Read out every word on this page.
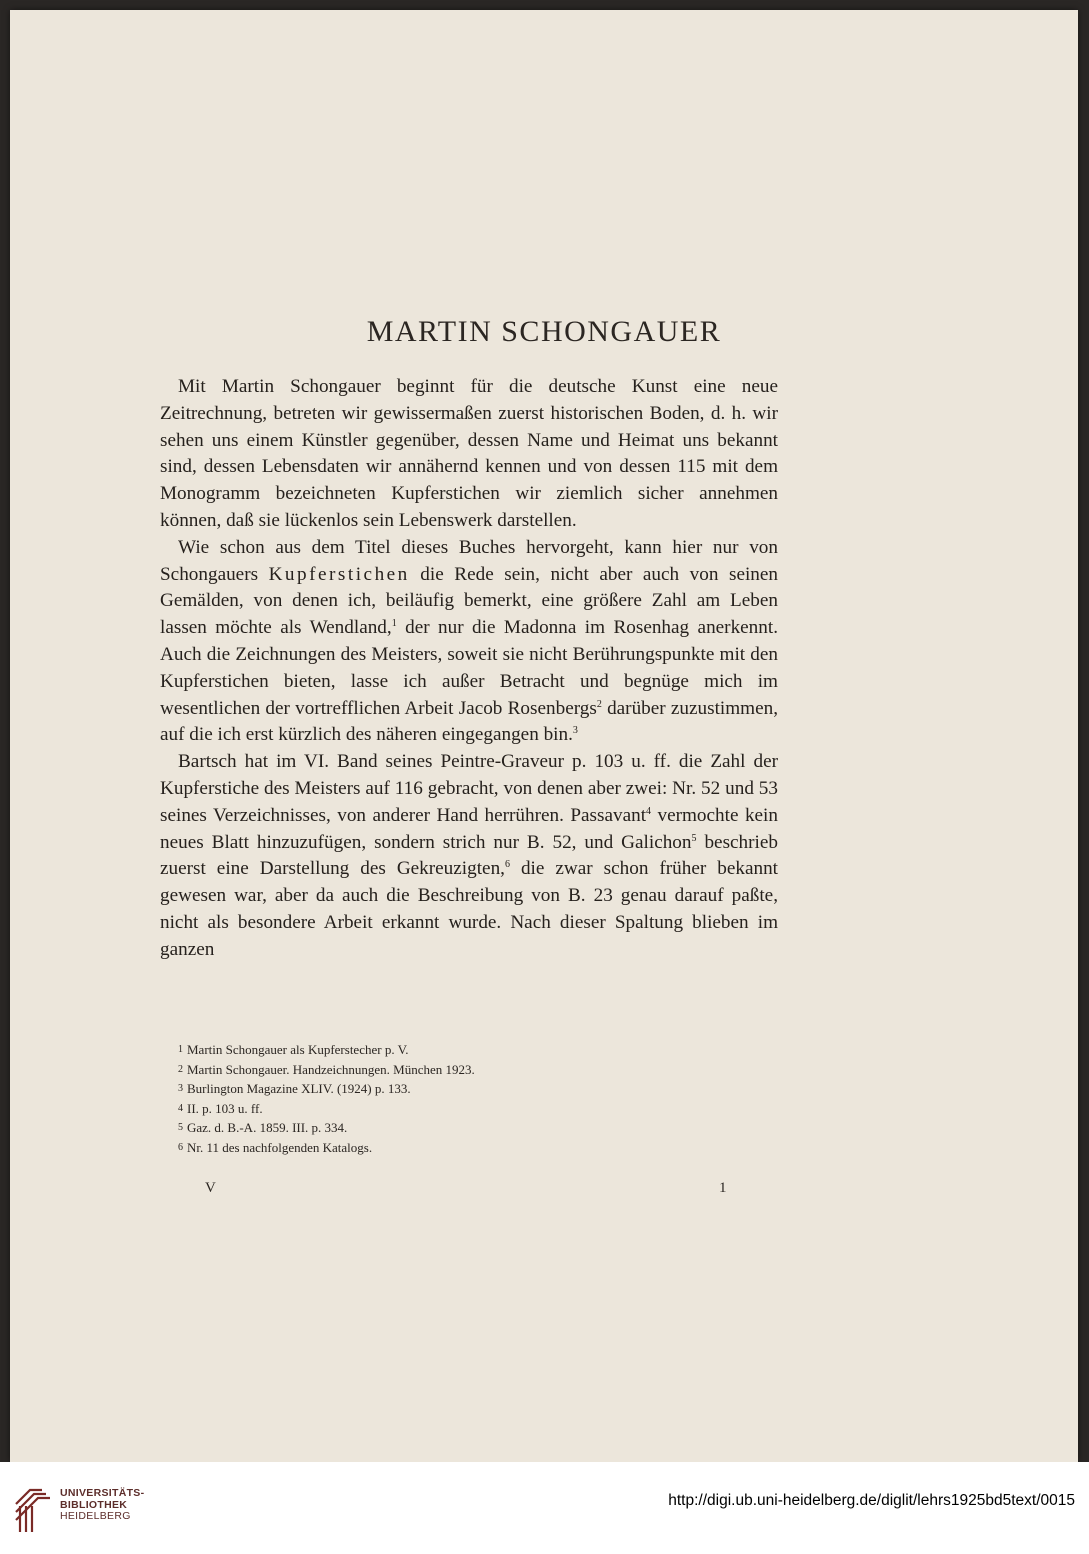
MARTIN SCHONGAUER

Mit Martin Schongauer beginnt für die deutsche Kunst eine neue Zeitrechnung, betreten wir gewissermaßen zuerst historischen Boden, d. h. wir sehen uns einem Künstler gegenüber, dessen Name und Heimat uns bekannt sind, dessen Lebensdaten wir annähernd kennen und von dessen 115 mit dem Monogramm bezeichneten Kupferstichen wir ziemlich sicher annehmen können, daß sie lückenlos sein Lebenswerk darstellen.

Wie schon aus dem Titel dieses Buches hervorgeht, kann hier nur von Schongauers Kupferstichen die Rede sein, nicht aber auch von seinen Gemälden, von denen ich, beiläufig bemerkt, eine größere Zahl am Leben lassen möchte als Wendland,$^1$ der nur die Madonna im Rosenhag anerkennt. Auch die Zeichnungen des Meisters, soweit sie nicht Berührungspunkte mit den Kupferstichen bieten, lasse ich außer Betracht und begnüge mich im wesentlichen der vortrefflichen Arbeit Jacob Rosenbergs$^2$ darüber zuzustimmen, auf die ich erst kürzlich des näheren eingegangen bin.$^3$

Bartsch hat im VI. Band seines Peintre-Graveur p. 103 u. ff. die Zahl der Kupferstiche des Meisters auf 116 gebracht, von denen aber zwei: Nr. 52 und 53 seines Verzeichnisses, von anderer Hand herrühren. Passavant$^4$ vermochte kein neues Blatt hinzuzufügen, sondern strich nur B. 52, und Galichon$^5$ beschrieb zuerst eine Darstellung des Gekreuzigten,$^6$ die zwar schon früher bekannt gewesen war, aber da auch die Beschreibung von B. 23 genau darauf paßte, nicht als besondere Arbeit erkannt wurde. Nach dieser Spaltung blieben im ganzen

1 Martin Schongauer als Kupferstecher p. V.
2 Martin Schongauer. Handzeichnungen. München 1923.
3 Burlington Magazine XLIV. (1924) p. 133.
4 II. p. 103 u. ff.
5 Gaz. d. B.-A. 1859. III. p. 334.
6 Nr. 11 des nachfolgenden Katalogs.
V	1
UNIVERSITÄTS-
BIBLIOTHEK
HEIDELBERG
http://digi.ub.uni-heidelberg.de/diglit/lehrs1925bd5text/0015
